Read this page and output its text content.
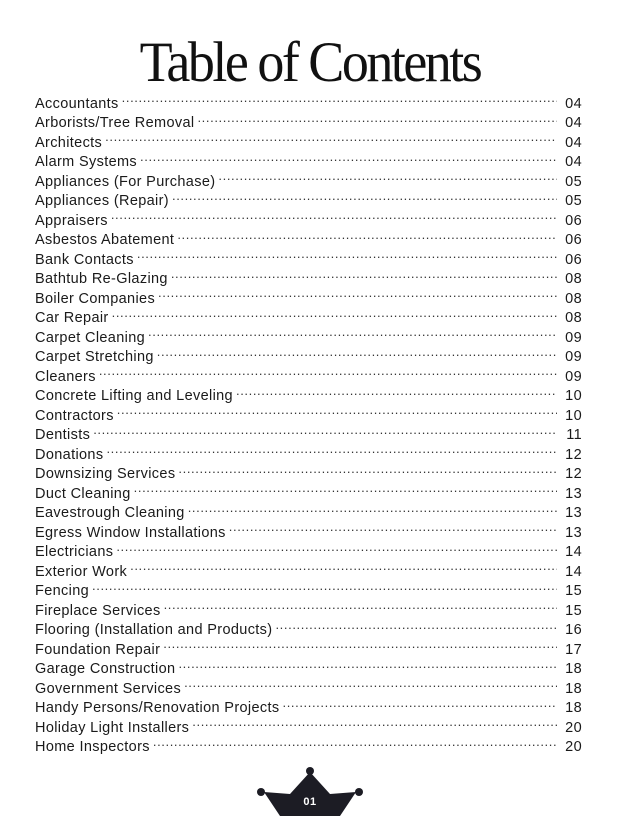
Table of Contents
Accountants .....	04
Arborists/Tree Removal .....	04
Architects .....	04
Alarm Systems .....	04
Appliances (For Purchase) .....	05
Appliances (Repair) .....	05
Appraisers .....	06
Asbestos Abatement .....	06
Bank Contacts .....	06
Bathtub Re-Glazing .....	08
Boiler Companies .....	08
Car Repair .....	08
Carpet Cleaning .....	09
Carpet Stretching .....	09
Cleaners .....	09
Concrete Lifting and Leveling .....	10
Contractors .....	10
Dentists .....	11
Donations .....	12
Downsizing Services .....	12
Duct Cleaning .....	13
Eavestrough Cleaning .....	13
Egress Window Installations .....	13
Electricians .....	14
Exterior Work .....	14
Fencing .....	15
Fireplace Services .....	15
Flooring (Installation and Products) .....	16
Foundation Repair .....	17
Garage Construction .....	18
Government Services .....	18
Handy Persons/Renovation Projects .....	18
Holiday Light Installers .....	20
Home Inspectors .....	20
01
